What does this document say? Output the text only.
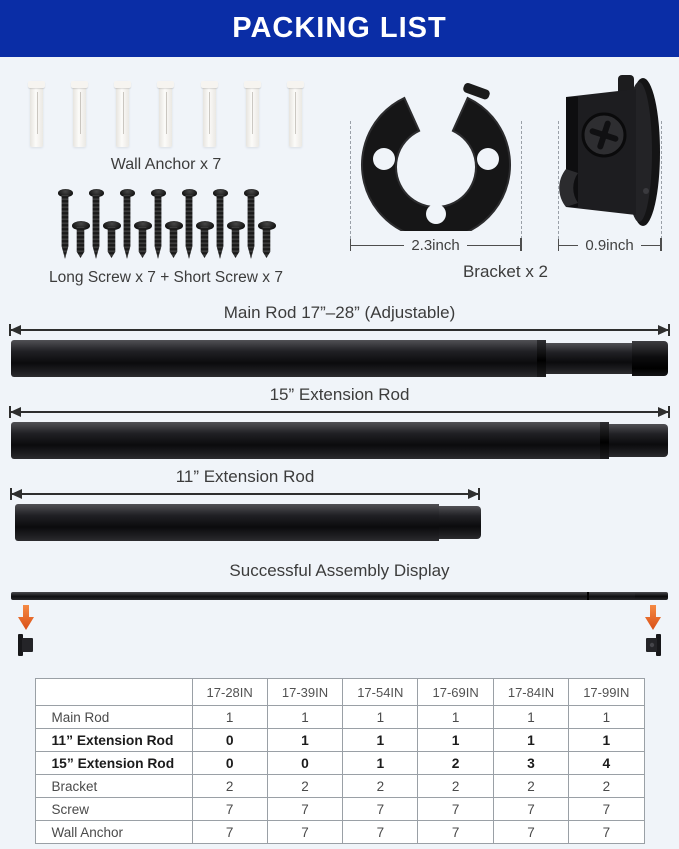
PACKING LIST
Wall Anchor x 7
Long Screw x 7 + Short Screw x 7
2.3inch	0.9inch
Bracket x 2
Main Rod 17”–28” (Adjustable)
15” Extension Rod
11” Extension Rod
Successful Assembly Display
	17-28IN	17-39IN	17-54IN	17-69IN	17-84IN	17-99IN
Main Rod	1	1	1	1	1	1
11” Extension Rod	0	1	1	1	1	1
15” Extension Rod	0	0	1	2	3	4
Bracket	2	2	2	2	2	2
Screw	7	7	7	7	7	7
Wall Anchor	7	7	7	7	7	7
